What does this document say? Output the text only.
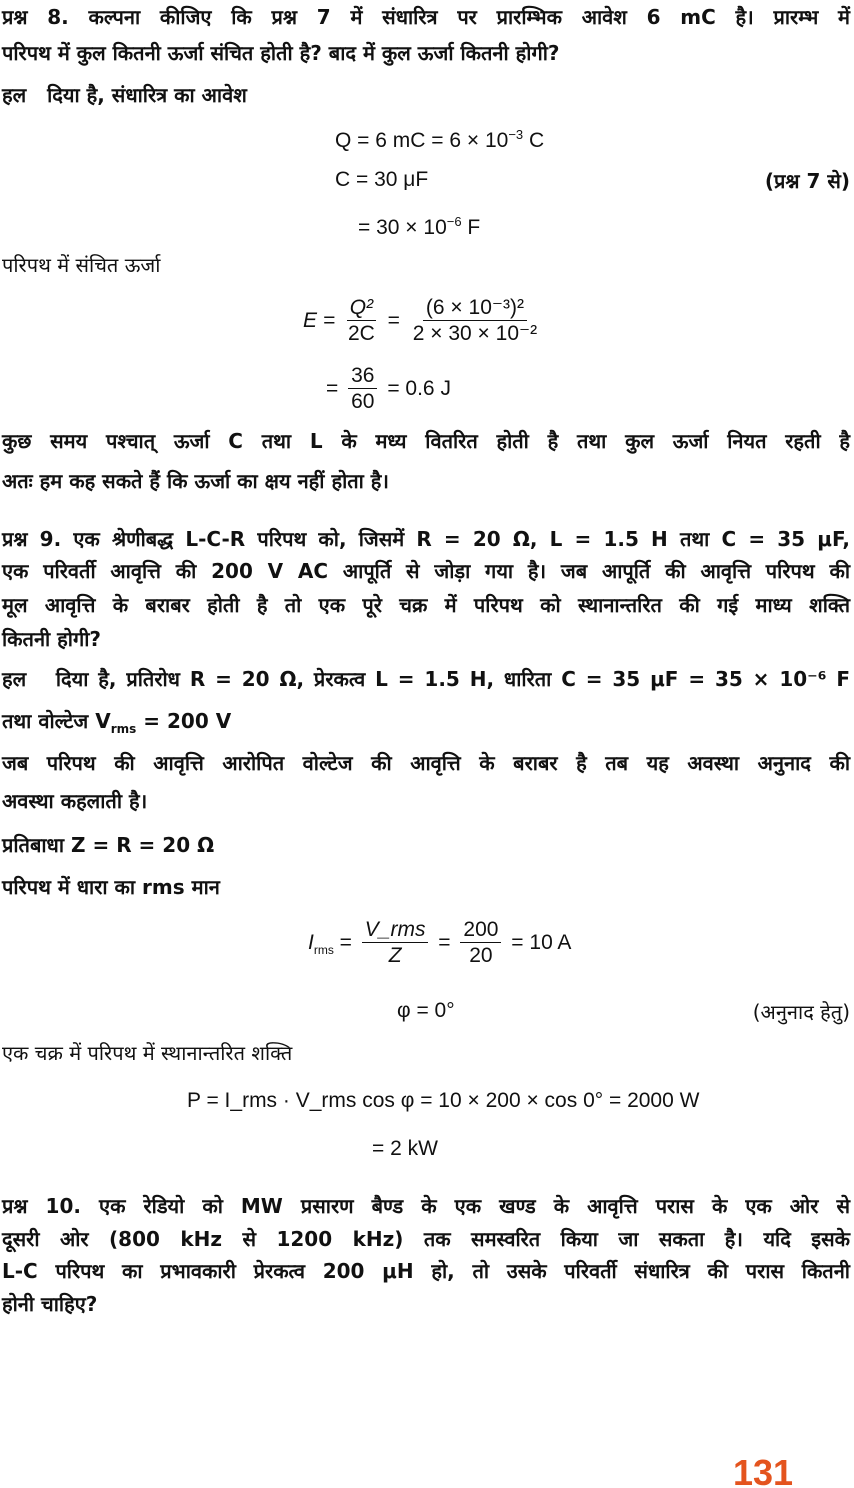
प्रश्न 8. कल्पना कीजिए कि प्रश्न 7 में संधारित्र पर प्रारम्भिक आवेश 6 mC है। प्रारम्भ में
परिपथ में कुल कितनी ऊर्जा संचित होती है? बाद में कुल ऊर्जा कितनी होगी?
हल दिया है, संधारित्र का आवेश
Q = 6 mC = $6 \times 10^{-3}$ C
C = 30 μF	(प्रश्न 7 से)
= $30 \times 10^{-6}$ F
परिपथ में संचित ऊर्जा
$E = \frac{\text{Q²}}{2C} = \frac{\text{(6 × 10⁻³)²}}{\text{2 × 30 × 10⁻²}}$
= $\frac{36}{60} = 0.6$ J
कुछ समय पश्चात् ऊर्जा C तथा L के मध्य वितरित होती है तथा कुल ऊर्जा नियत रहती है
अतः हम कह सकते हैं कि ऊर्जा का क्षय नहीं होता है।
प्रश्न 9. एक श्रेणीबद्ध L-C-R परिपथ को, जिसमें R = 20 Ω, L = 1.5 H तथा C = 35 μF,
एक परिवर्ती आवृत्ति की 200 V AC आपूर्ति से जोड़ा गया है। जब आपूर्ति की आवृत्ति परिपथ की
मूल आवृत्ति के बराबर होती है तो एक पूरे चक्र में परिपथ को स्थानान्तरित की गई माध्य शक्ति
कितनी होगी?
हल दिया है, प्रतिरोध R = 20 Ω, प्रेरकत्व L = 1.5 H, धारिता C = 35 μF = 35 × 10⁻⁶ F
तथा वोल्टेज $V_{rms} = 200$ V
जब परिपथ की आवृत्ति आरोपित वोल्टेज की आवृत्ति के बराबर है तब यह अवस्था अनुनाद की
अवस्था कहलाती है।
प्रतिबाधा Z = R = 20 Ω
परिपथ में धारा का rms मान
$I_{rms} = \frac{\text{V\_rms}}{Z} = \frac{200}{20} = 10$ A
φ = 0°	(अनुनाद हेतु)
एक चक्र में परिपथ में स्थानान्तरित शक्ति
P = I_rms · V_rms cos φ = 10 × 200 × cos 0° = 2000 W
= 2 kW
प्रश्न 10. एक रेडियो को MW प्रसारण बैण्ड के एक खण्ड के आवृत्ति परास के एक ओर से
दूसरी ओर (800 kHz से 1200 kHz) तक समस्वरित किया जा सकता है। यदि इसके
L-C परिपथ का प्रभावकारी प्रेरकत्व 200 μH हो, तो उसके परिवर्ती संधारित्र की परास कितनी
होनी चाहिए?
131
